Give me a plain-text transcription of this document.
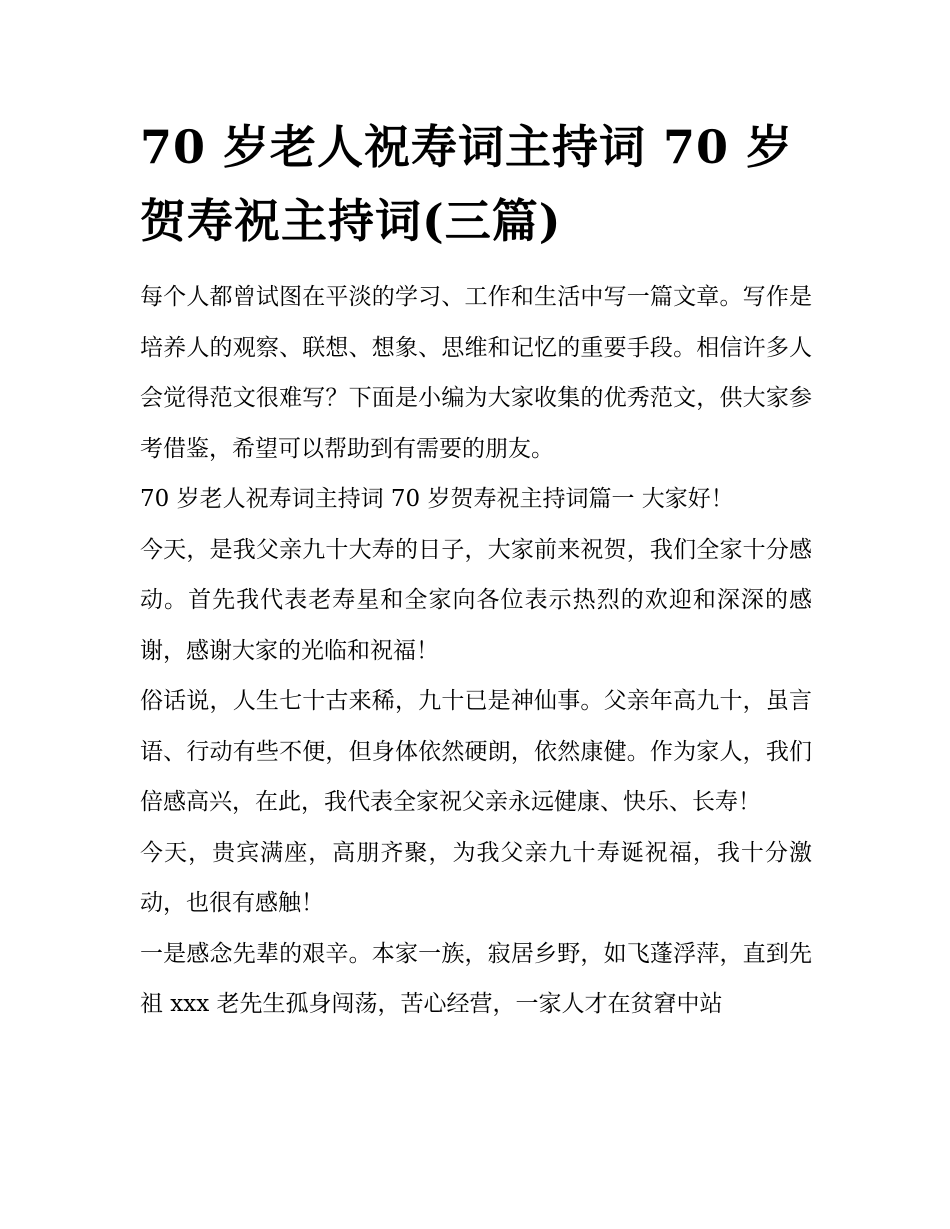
70 岁老人祝寿词主持词 70 岁贺寿祝主持词(三篇)

每个人都曾试图在平淡的学习、工作和生活中写一篇文章。写作是培养人的观察、联想、想象、思维和记忆的重要手段。相信许多人会觉得范文很难写？下面是小编为大家收集的优秀范文，供大家参考借鉴，希望可以帮助到有需要的朋友。

70 岁老人祝寿词主持词 70 岁贺寿祝主持词篇一 大家好！

今天，是我父亲九十大寿的日子，大家前来祝贺，我们全家十分感动。首先我代表老寿星和全家向各位表示热烈的欢迎和深深的感谢，感谢大家的光临和祝福！

俗话说，人生七十古来稀，九十已是神仙事。父亲年高九十，虽言语、行动有些不便，但身体依然硬朗，依然康健。作为家人，我们倍感高兴，在此，我代表全家祝父亲永远健康、快乐、长寿！

今天，贵宾满座，高朋齐聚，为我父亲九十寿诞祝福，我十分激动，也很有感触！

一是感念先辈的艰辛。本家一族，寂居乡野，如飞蓬浮萍，直到先祖 xxx 老先生孤身闯荡，苦心经营，一家人才在贫窘中站
